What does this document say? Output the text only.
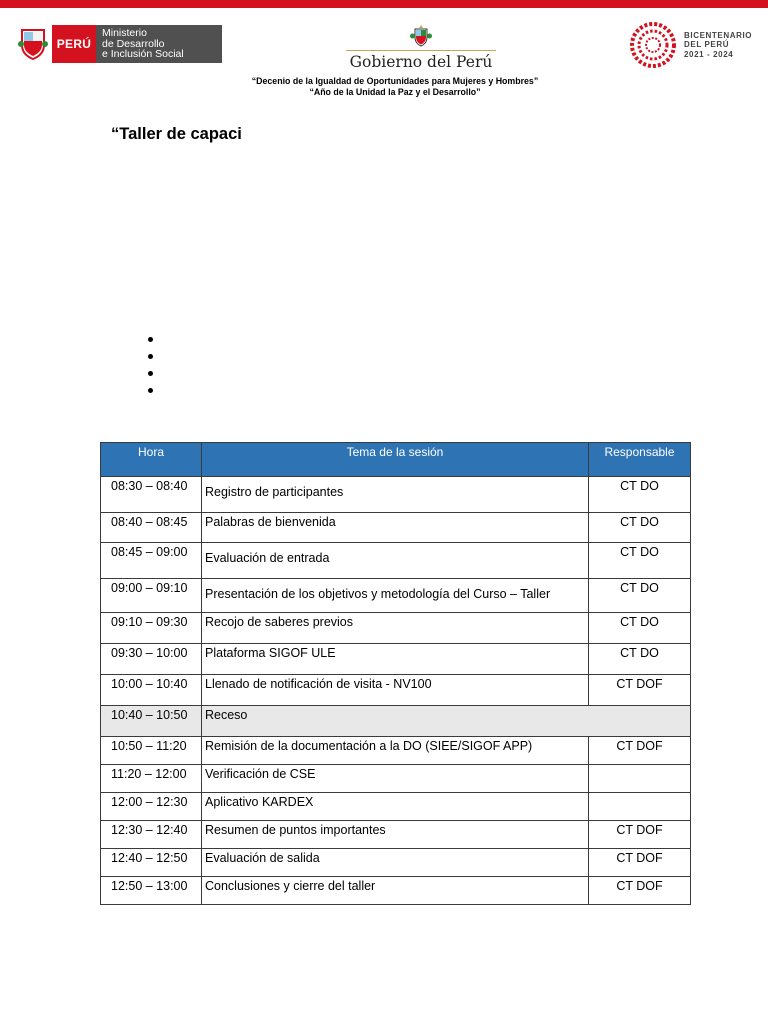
PERÚ
Ministerio
de Desarrollo
e Inclusión Social	Gobierno del Perú
BICENTENARIO
DEL PERÚ
2021 - 2024
“Decenio de la Igualdad de Oportunidades para Mujeres y Hombres”
“Año de la Unidad la Paz y el Desarrollo”
“Taller de capaci
Hora	Tema de la sesión	Responsable
08:30 – 08:40	Registro de participantes	CT DO
08:40 – 08:45	Palabras de bienvenida	CT DO
08:45 – 09:00	Evaluación de entrada	CT DO
09:00 – 09:10	Presentación de los objetivos y metodología del Curso – Taller	CT DO
09:10 – 09:30	Recojo de saberes previos	CT DO
09:30 – 10:00	Plataforma SIGOF ULE	CT DO
10:00 – 10:40	Llenado de notificación de visita - NV100	CT DOF
10:40 – 10:50	Receso	
10:50 – 11:20	Remisión de la documentación a la DO (SIEE/SIGOF APP)	CT DOF
11:20 – 12:00	Verificación de CSE	
12:00 – 12:30	Aplicativo KARDEX	
12:30 – 12:40	Resumen de puntos importantes	CT DOF
12:40 – 12:50	Evaluación de salida	CT DOF
12:50 – 13:00	Conclusiones y cierre del taller	CT DOF
